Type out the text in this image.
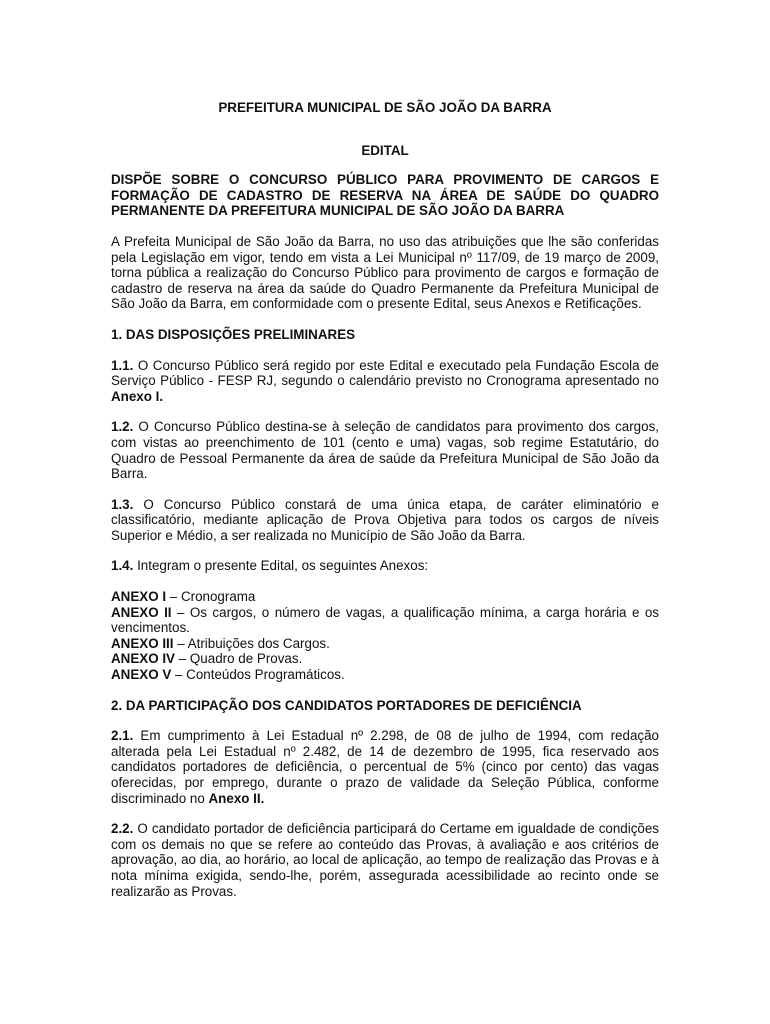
PREFEITURA MUNICIPAL DE SÃO JOÃO DA BARRA
EDITAL
DISPÕE SOBRE O CONCURSO PÚBLICO PARA PROVIMENTO DE CARGOS E FORMAÇÃO DE CADASTRO DE RESERVA NA ÁREA DE SAÚDE DO QUADRO PERMANENTE DA PREFEITURA MUNICIPAL DE SÃO JOÃO DA BARRA

A Prefeita Municipal de São João da Barra, no uso das atribuições que lhe são conferidas pela Legislação em vigor, tendo em vista a Lei Municipal nº 117/09, de 19 março de 2009, torna pública a realização do Concurso Público para provimento de cargos e formação de cadastro de reserva na área da saúde do Quadro Permanente da Prefeitura Municipal de São João da Barra, em conformidade com o presente Edital, seus Anexos e Retificações.

1. DAS DISPOSIÇÕES PRELIMINARES

1.1. O Concurso Público será regido por este Edital e executado pela Fundação Escola de Serviço Público - FESP RJ, segundo o calendário previsto no Cronograma apresentado no Anexo I.

1.2. O Concurso Público destina-se à seleção de candidatos para provimento dos cargos, com vistas ao preenchimento de 101 (cento e uma) vagas, sob regime Estatutário, do Quadro de Pessoal Permanente da área de saúde da Prefeitura Municipal de São João da Barra.

1.3. O Concurso Público constará de uma única etapa, de caráter eliminatório e classificatório, mediante aplicação de Prova Objetiva para todos os cargos de níveis Superior e Médio, a ser realizada no Município de São João da Barra.

1.4. Integram o presente Edital, os seguintes Anexos:

ANEXO I – Cronograma
ANEXO II – Os cargos, o número de vagas, a qualificação mínima, a carga horária e os vencimentos.
ANEXO III – Atribuições dos Cargos.
ANEXO IV – Quadro de Provas.
ANEXO V – Conteúdos Programáticos.
2. DA PARTICIPAÇÃO DOS CANDIDATOS PORTADORES DE DEFICIÊNCIA

2.1. Em cumprimento à Lei Estadual nº 2.298, de 08 de julho de 1994, com redação alterada pela Lei Estadual nº 2.482, de 14 de dezembro de 1995, fica reservado aos candidatos portadores de deficiência, o percentual de 5% (cinco por cento) das vagas oferecidas, por emprego, durante o prazo de validade da Seleção Pública, conforme discriminado no Anexo II.

2.2. O candidato portador de deficiência participará do Certame em igualdade de condições com os demais no que se refere ao conteúdo das Provas, à avaliação e aos critérios de aprovação, ao dia, ao horário, ao local de aplicação, ao tempo de realização das Provas e à nota mínima exigida, sendo-lhe, porém, assegurada acessibilidade ao recinto onde se realizarão as Provas.
